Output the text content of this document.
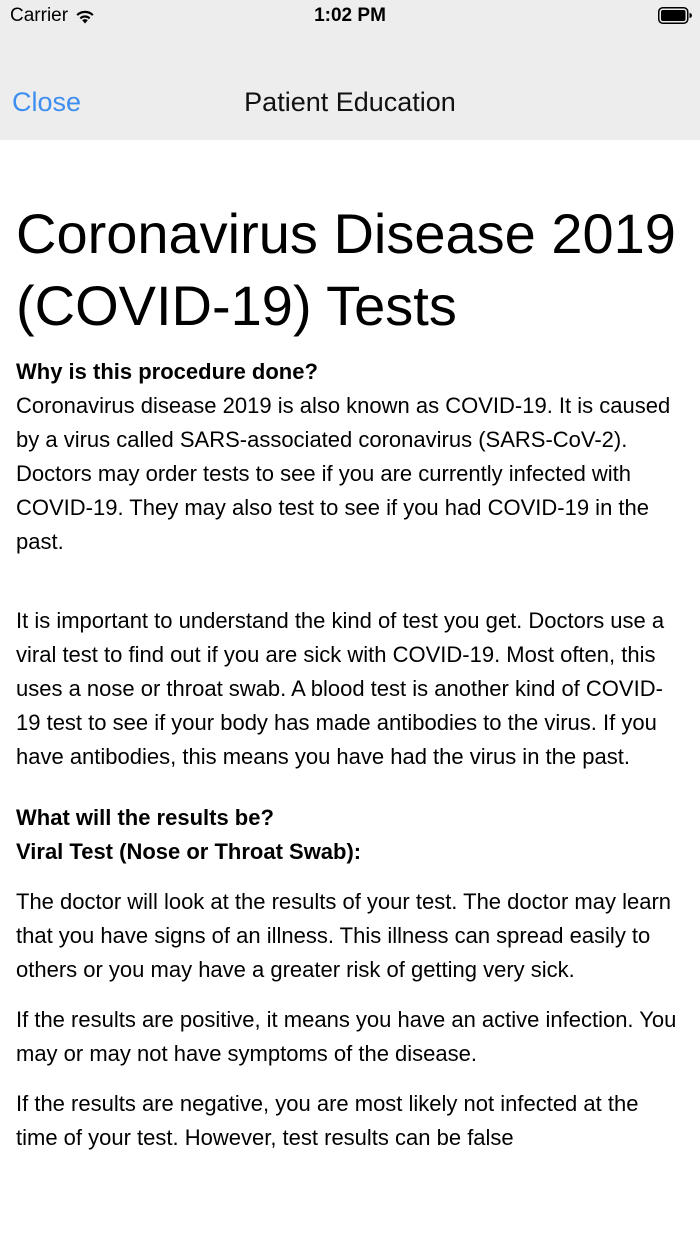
Carrier	1:02 PM
Close	Patient Education
Coronavirus Disease 2019 (COVID-19) Tests

Why is this procedure done?

Coronavirus disease 2019 is also known as COVID-19. It is caused by a virus called SARS-associated coronavirus (SARS-CoV-2). Doctors may order tests to see if you are currently infected with COVID-19. They may also test to see if you had COVID-19 in the past.

It is important to understand the kind of test you get. Doctors use a viral test to find out if you are sick with COVID-19. Most often, this uses a nose or throat swab. A blood test is another kind of COVID-19 test to see if your body has made antibodies to the virus. If you have antibodies, this means you have had the virus in the past.

What will the results be?

Viral Test (Nose or Throat Swab):

The doctor will look at the results of your test. The doctor may learn that you have signs of an illness. This illness can spread easily to others or you may have a greater risk of getting very sick.

If the results are positive, it means you have an active infection. You may or may not have symptoms of the disease.

If the results are negative, you are most likely not infected at the time of your test. However, test results can be false
